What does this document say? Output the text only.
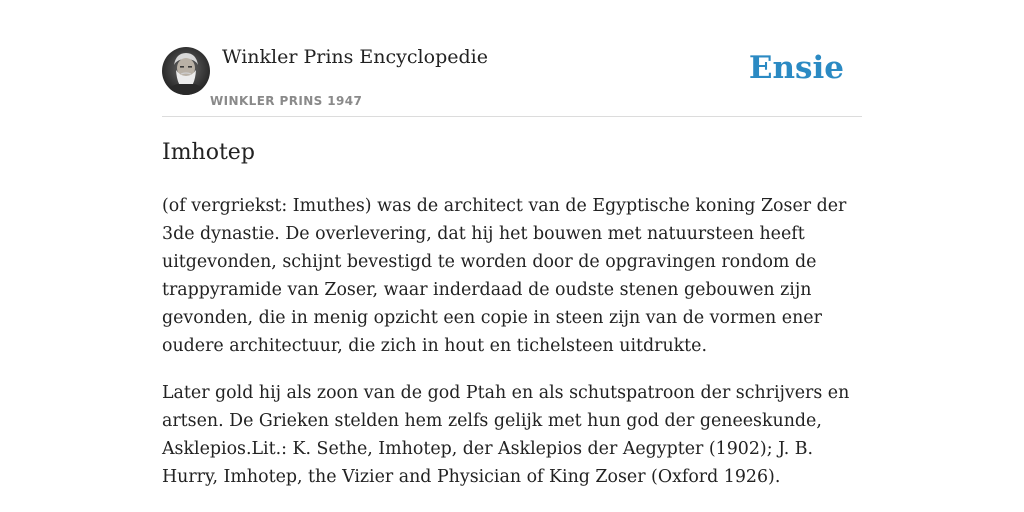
Winkler Prins Encyclopedie
WINKLER PRINS 1947
Ensie
Imhotep

(of vergriekst: Imuthes) was de architect van de Egyptische koning Zoser der 3de dynastie. De overlevering, dat hij het bouwen met natuursteen heeft uitgevonden, schijnt bevestigd te worden door de opgravingen rondom de trappyramide van Zoser, waar inderdaad de oudste stenen gebouwen zijn gevonden, die in menig opzicht een copie in steen zijn van de vormen ener oudere architectuur, die zich in hout en tichelsteen uitdrukte.

Later gold hij als zoon van de god Ptah en als schutspatroon der schrijvers en artsen. De Grieken stelden hem zelfs gelijk met hun god der geneeskunde, Asklepios.Lit.: K. Sethe, Imhotep, der Asklepios der Aegypter (1902); J. B. Hurry, Imhotep, the Vizier and Physician of King Zoser (Oxford 1926).
